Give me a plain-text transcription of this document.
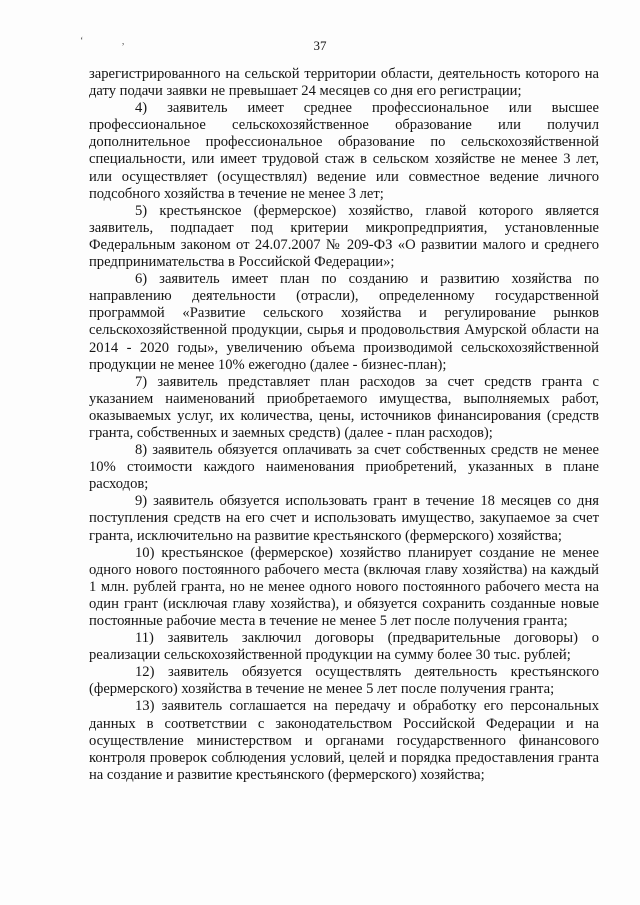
‘ ,	37

зарегистрированного на сельской территории области, деятельность которого на дату подачи заявки не превышает 24 месяцев со дня его регистрации;

4) заявитель имеет среднее профессиональное или высшее профессиональное сельскохозяйственное образование или получил дополнительное профессиональное образование по сельскохозяйственной специальности, или имеет трудовой стаж в сельском хозяйстве не менее 3 лет, или осуществляет (осуществлял) ведение или совместное ведение личного подсобного хозяйства в течение не менее 3 лет;

5) крестьянское (фермерское) хозяйство, главой которого является заявитель, подпадает под критерии микропредприятия, установленные Федеральным законом от 24.07.2007 № 209-ФЗ «О развитии малого и среднего предпринимательства в Российской Федерации»;

6) заявитель имеет план по созданию и развитию хозяйства по направлению деятельности (отрасли), определенному государственной программой «Развитие сельского хозяйства и регулирование рынков сельскохозяйственной продукции, сырья и продовольствия Амурской области на 2014 - 2020 годы», увеличению объема производимой сельскохозяйственной продукции не менее 10% ежегодно (далее - бизнес-план);

7) заявитель представляет план расходов за счет средств гранта с указанием наименований приобретаемого имущества, выполняемых работ, оказываемых услуг, их количества, цены, источников финансирования (средств гранта, собственных и заемных средств) (далее - план расходов);

8) заявитель обязуется оплачивать за счет собственных средств не менее 10% стоимости каждого наименования приобретений, указанных в плане расходов;

9) заявитель обязуется использовать грант в течение 18 месяцев со дня поступления средств на его счет и использовать имущество, закупаемое за счет гранта, исключительно на развитие крестьянского (фермерского) хозяйства;

10) крестьянское (фермерское) хозяйство планирует создание не менее одного нового постоянного рабочего места (включая главу хозяйства) на каждый 1 млн. рублей гранта, но не менее одного нового постоянного рабочего места на один грант (исключая главу хозяйства), и обязуется сохранить созданные новые постоянные рабочие места в течение не менее 5 лет после получения гранта;

11) заявитель заключил договоры (предварительные договоры) о реализации сельскохозяйственной продукции на сумму более 30 тыс. рублей;

12) заявитель обязуется осуществлять деятельность крестьянского (фермерского) хозяйства в течение не менее 5 лет после получения гранта;

13) заявитель соглашается на передачу и обработку его персональных данных в соответствии с законодательством Российской Федерации и на осуществление министерством и органами государственного финансового контроля проверок соблюдения условий, целей и порядка предоставления гранта на создание и развитие крестьянского (фермерского) хозяйства;
